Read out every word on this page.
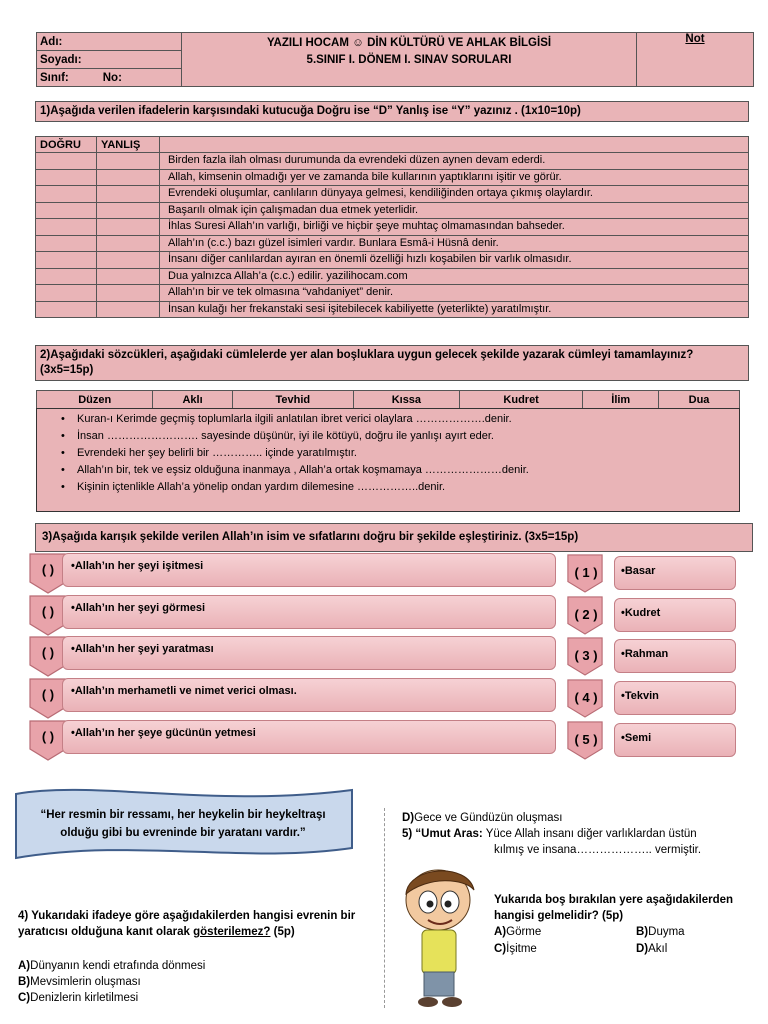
Adı:	YAZILI HOCAM ☺ DİN KÜLTÜRÜ VE AHLAK BİLGİSİ
5.SINIF I. DÖNEM I. SINAV SORULARI
	Not
Soyadı:
Sınıf:	No:
1)Aşağıda verilen ifadelerin karşısındaki kutucuğa Doğru ise “D” Yanlış ise “Y” yazınız . (1x10=10p)
DOĞRU	YANLIŞ	
		Birden fazla ilah olması durumunda da evrendeki düzen aynen devam ederdi.
		Allah, kimsenin olmadığı yer ve zamanda bile kullarının yaptıklarını işitir ve görür.
		Evrendeki oluşumlar, canlıların dünyaya gelmesi, kendiliğinden ortaya çıkmış olaylardır.
		Başarılı olmak için çalışmadan dua etmek yeterlidir.
		İhlas Suresi Allah’ın varlığı, birliği ve hiçbir şeye muhtaç olmamasından bahseder.
		Allah’ın (c.c.) bazı güzel isimleri vardır. Bunlara Esmâ-i Hüsnâ denir.
		İnsanı diğer canlılardan ayıran en önemli özelliği hızlı koşabilen bir varlık olmasıdır.
		Dua yalnızca Allah’a (c.c.) edilir. yazilihocam.com
		Allah’ın bir ve tek olmasına “vahdaniyet” denir.
		İnsan kulağı her frekanstaki sesi işitebilecek kabiliyette (yeterlikte) yaratılmıştır.
2)Aşağıdaki sözcükleri, aşağıdaki cümlelerde yer alan boşluklara uygun gelecek şekilde yazarak cümleyi tamamlayınız? (3x5=15p)
Düzen	Aklı	Tevhid	Kıssa	Kudret	İlim	Dua
• Kuran-ı Kerimde geçmiş toplumlarla ilgili anlatılan ibret verici olaylara ……………….denir.
• İnsan ……………………. sayesinde düşünür, iyi ile kötüyü, doğru ile yanlışı ayırt eder.
• Evrendeki her şey belirli bir ………….. içinde yaratılmıştır.
• Allah’ın bir, tek ve eşsiz olduğuna inanmaya , Allah’a ortak koşmamaya …………………denir.
• Kişinin içtenlikle Allah’a yönelip ondan yardım dilemesine ……………..denir.
3)Aşağıda karışık şekilde verilen Allah’ın isim ve sıfatlarını doğru bir şekilde eşleştiriniz. (3x5=15p)
( )	•Allah’ın her şeyi işitmesi	( 1 )	•Basar
( )	•Allah’ın her şeyi görmesi	( 2 )	•Kudret
( )	•Allah’ın her şeyi yaratması	( 3 )	•Rahman
( )	•Allah’ın merhametli ve nimet verici olması.	( 4 )	•Tekvin
( )	•Allah’ın her şeye gücünün yetmesi	( 5 )	•Semi
“Her resmin bir ressamı, her heykelin bir heykeltraşı olduğu gibi bu evreninde bir yaratanı vardır.”
4) Yukarıdaki ifadeye göre aşağıdakilerden hangisi evrenin bir yaratıcısı olduğuna kanıt olarak gösterilemez? (5p)
A)Dünyanın kendi etrafında dönmesi
B)Mevsimlerin oluşması
C)Denizlerin kirletilmesi
D)Gece ve Gündüzün oluşması
5) “Umut Aras: Yüce Allah insanı diğer varlıklardan üstün
kılmış ve insana……………….. vermiştir.
Yukarıda boş bırakılan yere aşağıdakilerden hangisi gelmelidir? (5p)
A)Görme	B)Duyma
C)İşitme	D)Akıl
